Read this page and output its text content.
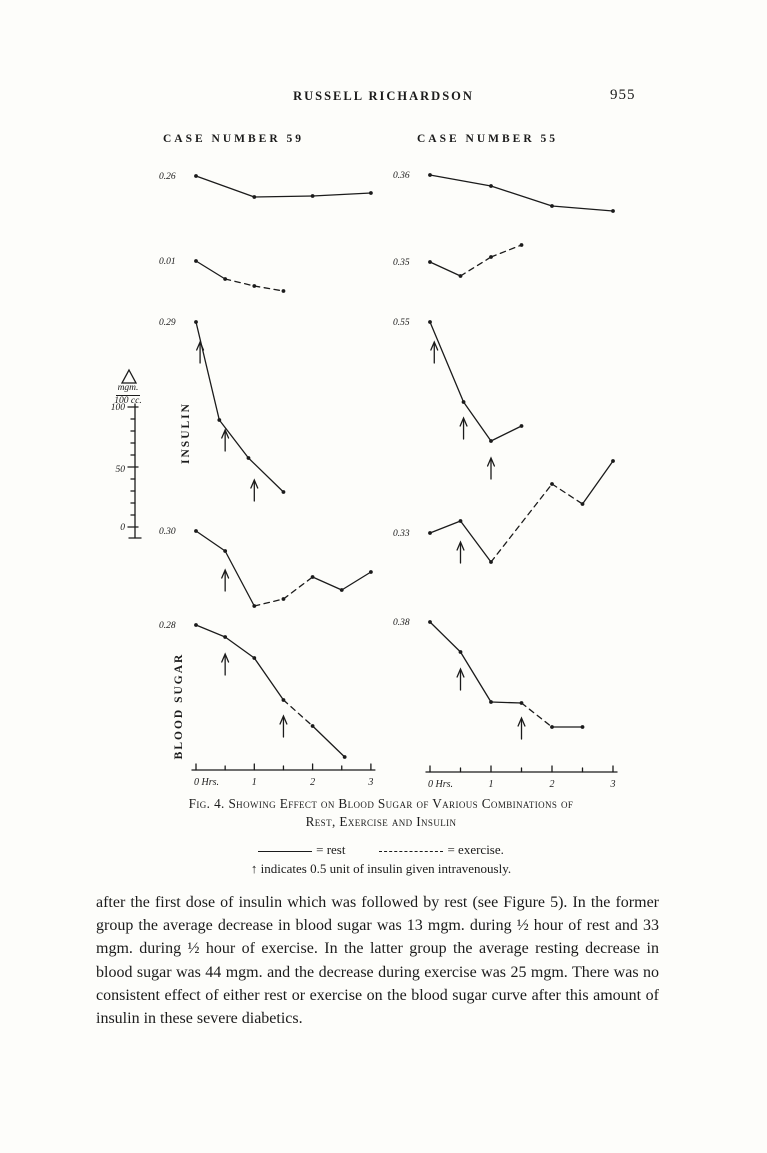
0 Hrs.	1	2	3
0.26
0.01
0.29
0.30
0.28
0 Hrs.	1	2	3
0.36
0.35
0.55
0.33
0.38
100
50
0
RUSSELL RICHARDSON	955
CASE NUMBER 59	CASE NUMBER 55
mgm.
100 cc.
INSULIN
BLOOD SUGAR
Fig. 4. Showing Effect on Blood Sugar of Various Combinations of
Rest, Exercise and Insulin
= rest	= exercise.
↑ indicates 0.5 unit of insulin given intravenously.

after the first dose of insulin which was followed by rest (see Figure 5). In the former group the average decrease in blood sugar was 13 mgm. during ½ hour of rest and 33 mgm. during ½ hour of exercise. In the latter group the average resting decrease in blood sugar was 44 mgm. and the decrease during exercise was 25 mgm. There was no consistent effect of either rest or exercise on the blood sugar curve after this amount of insulin in these severe diabetics.
